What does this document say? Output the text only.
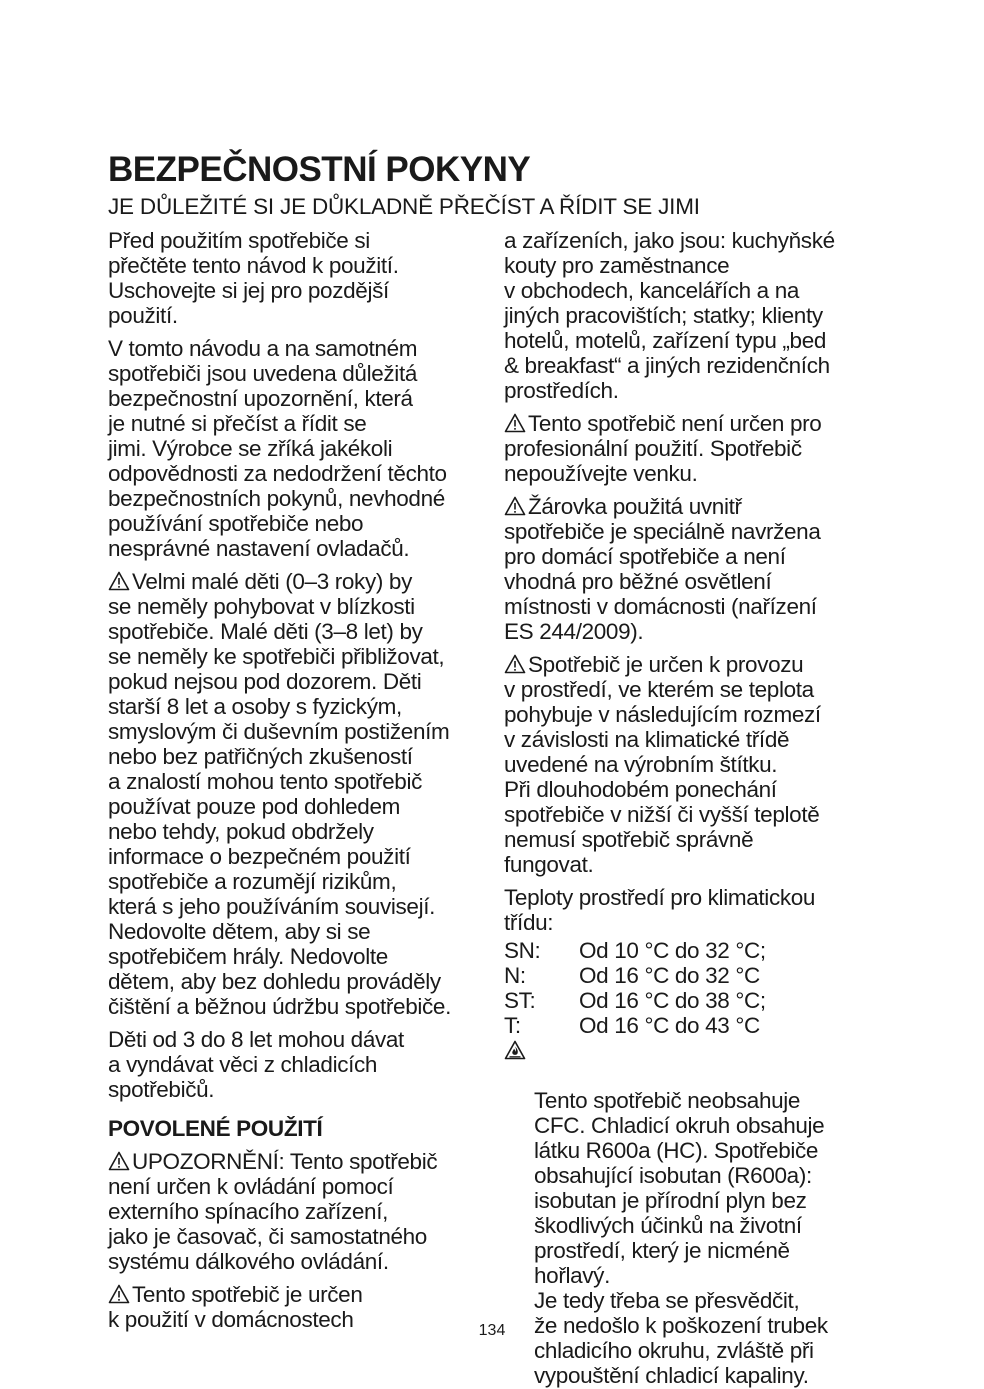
BEZPEČNOSTNÍ POKYNY
JE DŮLEŽITÉ SI JE DŮKLADNĚ PŘEČÍST A ŘÍDIT SE JIMI

Před použitím spotřebiče si
přečtěte tento návod k použití.
Uschovejte si jej pro pozdější
použití.

V tomto návodu a na samotném
spotřebiči jsou uvedena důležitá
bezpečnostní upozornění, která
je nutné si přečíst a řídit se
jimi. Výrobce se zříká jakékoli
odpovědnosti za nedodržení těchto
bezpečnostních pokynů, nevhodné
používání spotřebiče nebo
nesprávné nastavení ovladačů.

Velmi malé děti (0–3 roky) by
se neměly pohybovat v blízkosti
spotřebiče. Malé děti (3–8 let) by
se neměly ke spotřebiči přibližovat,
pokud nejsou pod dozorem. Děti
starší 8 let a osoby s fyzickým,
smyslovým či duševním postižením
nebo bez patřičných zkušeností
a znalostí mohou tento spotřebič
používat pouze pod dohledem
nebo tehdy, pokud obdržely
informace o bezpečném použití
spotřebiče a rozumějí rizikům,
která s jeho používáním souvisejí.
Nedovolte dětem, aby si se
spotřebičem hrály. Nedovolte
dětem, aby bez dohledu prováděly
čištění a běžnou údržbu spotřebiče.

Děti od 3 do 8 let mohou dávat
a vyndávat věci z chladicích
spotřebičů.

POVOLENÉ POUŽITÍ

UPOZORNĚNÍ: Tento spotřebič
není určen k ovládání pomocí
externího spínacího zařízení,
jako je časovač, či samostatného
systému dálkového ovládání.

Tento spotřebič je určen
k použití v domácnostech

a zařízeních, jako jsou: kuchyňské
kouty pro zaměstnance
v obchodech, kancelářích a na
jiných pracovištích; statky; klienty
hotelů, motelů, zařízení typu „bed
& breakfast“ a jiných rezidenčních
prostředích.

Tento spotřebič není určen pro
profesionální použití. Spotřebič
nepoužívejte venku.

Žárovka použitá uvnitř
spotřebiče je speciálně navržena
pro domácí spotřebiče a není
vhodná pro běžné osvětlení
místnosti v domácnosti (nařízení
ES 244/2009).

Spotřebič je určen k provozu
v prostředí, ve kterém se teplota
pohybuje v následujícím rozmezí
v závislosti na klimatické třídě
uvedené na výrobním štítku.
Při dlouhodobém ponechání
spotřebiče v nižší či vyšší teplotě
nemusí spotřebič správně
fungovat.

Teploty prostředí pro klimatickou
třídu:

SN:	Od 10 °C do 32 °C;
N:	Od 16 °C do 32 °C
ST:	Od 16 °C do 38 °C;
T:	Od 16 °C do 43 °C

Tento spotřebič neobsahuje
CFC. Chladicí okruh obsahuje
látku R600a (HC). Spotřebiče
obsahující isobutan (R600a):
isobutan je přírodní plyn bez
škodlivých účinků na životní
prostředí, který je nicméně
hořlavý.
Je tedy třeba se přesvědčit,
že nedošlo k poškození trubek
chladicího okruhu, zvláště při
vypouštění chladicí kapaliny.

134
